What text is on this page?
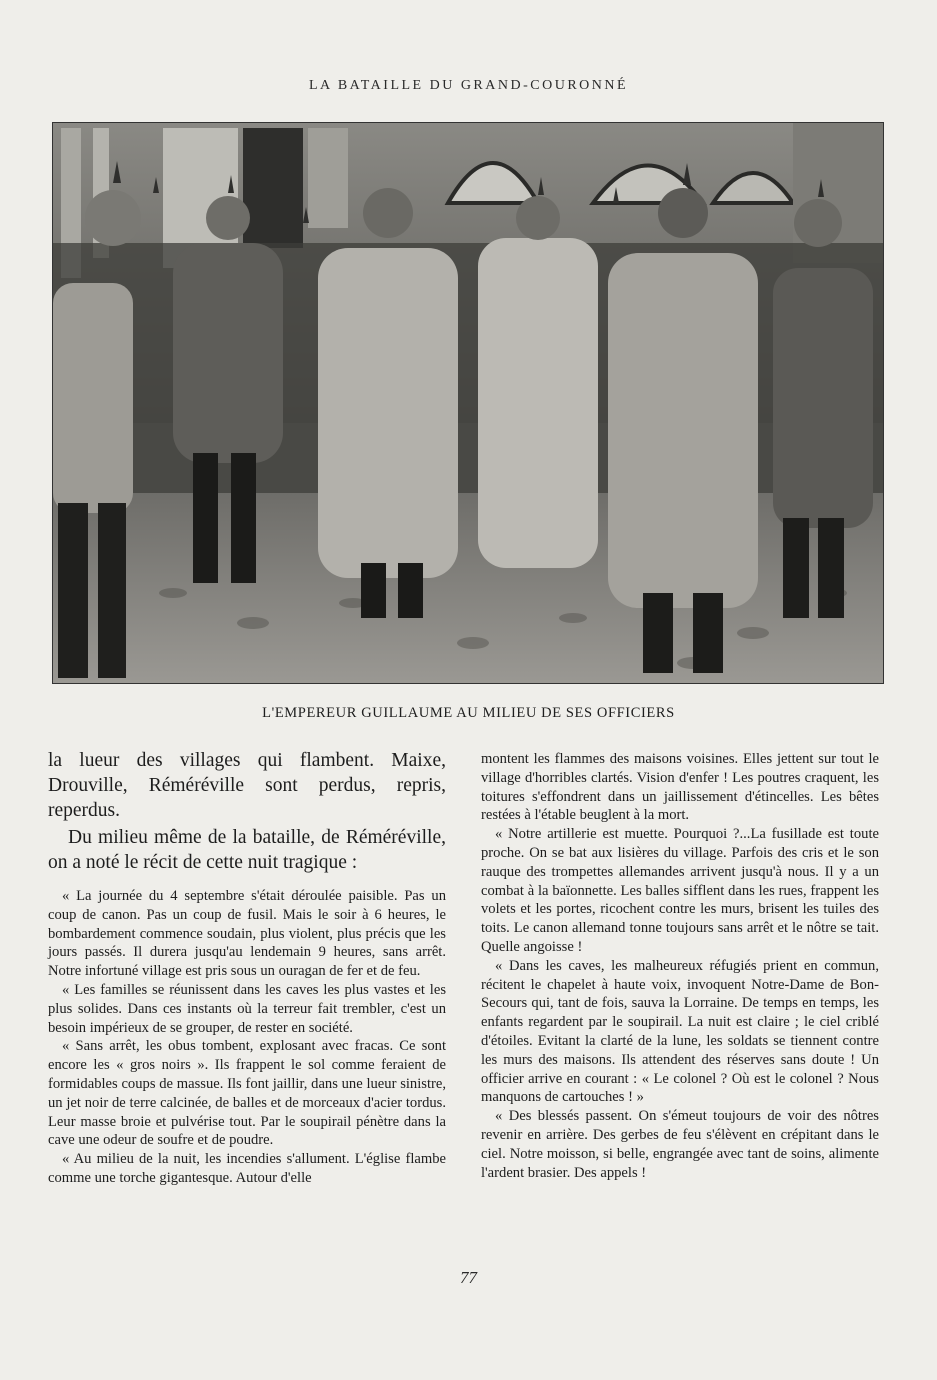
LA BATAILLE DU GRAND-COURONNÉ
L'EMPEREUR GUILLAUME AU MILIEU DE SES OFFICIERS

la lueur des villages qui flambent. Maixe, Drouville, Réméréville sont perdus, repris, reperdus.

Du milieu même de la bataille, de Réméréville, on a noté le récit de cette nuit tragique :

« La journée du 4 septembre s'était déroulée paisible. Pas un coup de canon. Pas un coup de fusil. Mais le soir à 6 heures, le bombardement commence soudain, plus violent, plus précis que les jours passés. Il durera jusqu'au lendemain 9 heures, sans arrêt. Notre infortuné village est pris sous un ouragan de fer et de feu.

« Les familles se réunissent dans les caves les plus vastes et les plus solides. Dans ces instants où la terreur fait trembler, c'est un besoin impérieux de se grouper, de rester en société.

« Sans arrêt, les obus tombent, explosant avec fracas. Ce sont encore les « gros noirs ». Ils frappent le sol comme feraient de formidables coups de massue. Ils font jaillir, dans une lueur sinistre, un jet noir de terre calcinée, de balles et de morceaux d'acier tordus. Leur masse broie et pulvérise tout. Par le soupirail pénètre dans la cave une odeur de soufre et de poudre.

« Au milieu de la nuit, les incendies s'allument. L'église flambe comme une torche gigantesque. Autour d'elle

montent les flammes des maisons voisines. Elles jettent sur tout le village d'horribles clartés. Vision d'enfer ! Les poutres craquent, les toitures s'effondrent dans un jaillissement d'étincelles. Les bêtes restées à l'étable beuglent à la mort.

« Notre artillerie est muette. Pourquoi ?...La fusillade est toute proche. On se bat aux lisières du village. Parfois des cris et le son rauque des trompettes allemandes arrivent jusqu'à nous. Il y a un combat à la baïonnette. Les balles sifflent dans les rues, frappent les volets et les portes, ricochent contre les murs, brisent les tuiles des toits. Le canon allemand tonne toujours sans arrêt et le nôtre se tait. Quelle angoisse !

« Dans les caves, les malheureux réfugiés prient en commun, récitent le chapelet à haute voix, invoquent Notre-Dame de Bon-Secours qui, tant de fois, sauva la Lorraine. De temps en temps, les enfants regardent par le soupirail. La nuit est claire ; le ciel criblé d'étoiles. Evitant la clarté de la lune, les soldats se tiennent contre les murs des maisons. Ils attendent des réserves sans doute ! Un officier arrive en courant : « Le colonel ? Où est le colonel ? Nous manquons de cartouches ! »

« Des blessés passent. On s'émeut toujours de voir des nôtres revenir en arrière. Des gerbes de feu s'élèvent en crépitant dans le ciel. Notre moisson, si belle, engrangée avec tant de soins, alimente l'ardent brasier. Des appels !

77
